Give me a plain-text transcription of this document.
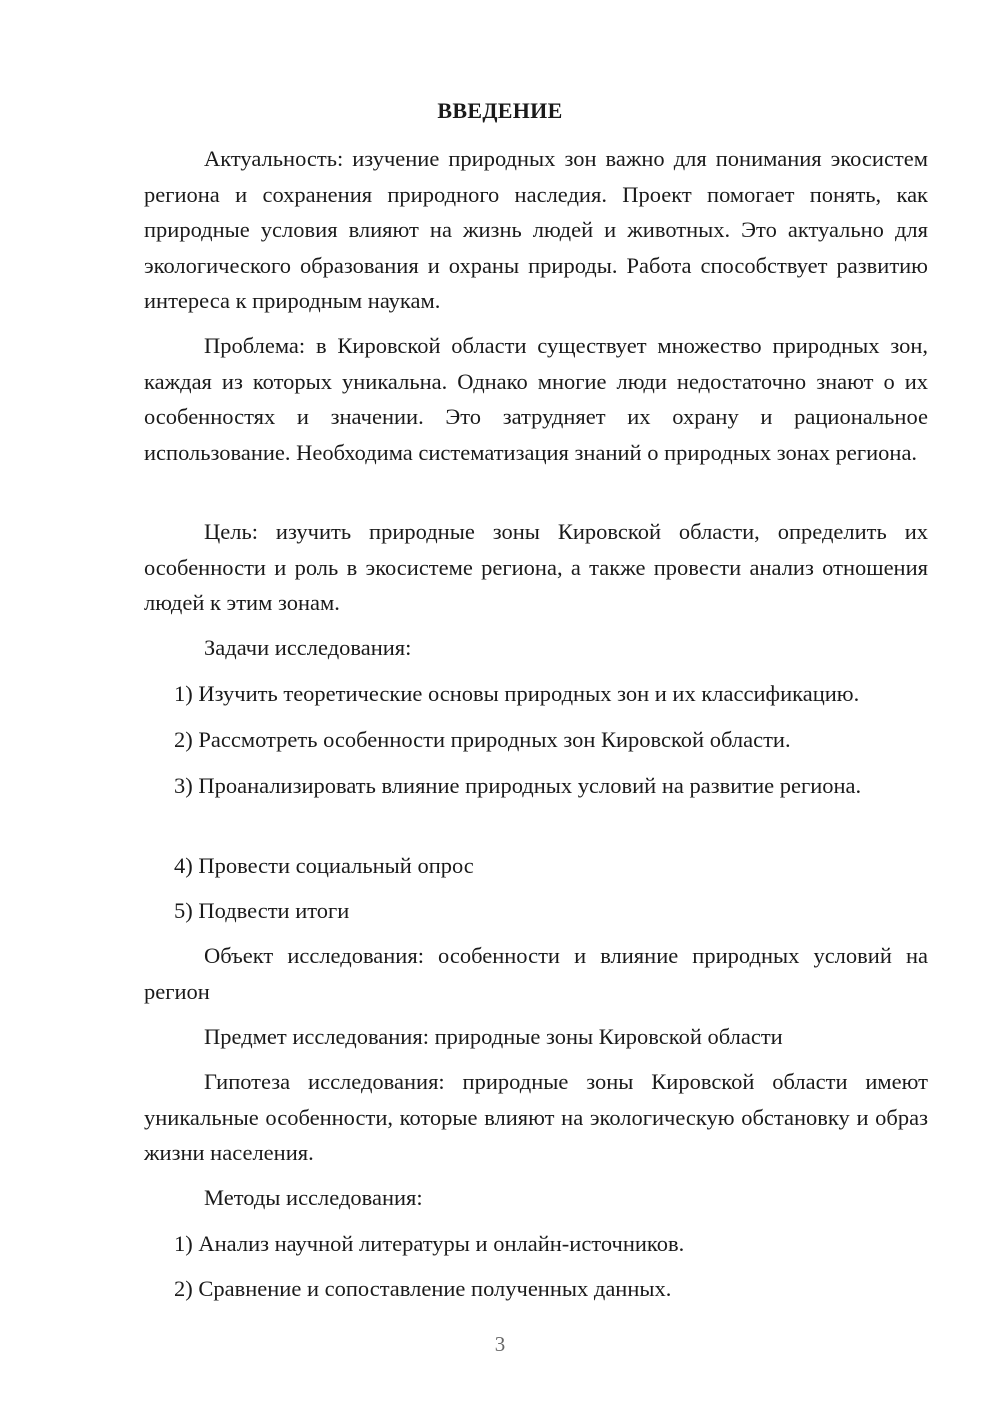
ВВЕДЕНИЕ

Актуальность: изучение природных зон важно для понимания экосистем региона и сохранения природного наследия. Проект помогает понять, как природные условия влияют на жизнь людей и животных. Это актуально для экологического образования и охраны природы. Работа способствует развитию интереса к природным наукам.

Проблема: в Кировской области существует множество природных зон, каждая из которых уникальна. Однако многие люди недостаточно знают о их особенностях и значении. Это затрудняет их охрану и рациональное использование. Необходима систематизация знаний о природных зонах региона.

Цель: изучить природные зоны Кировской области, определить их особенности и роль в экосистеме региона, а также провести анализ отношения людей к этим зонам.

Задачи исследования:

1) Изучить теоретические основы природных зон и их классификацию.

2) Рассмотреть особенности природных зон Кировской области.

3) Проанализировать влияние природных условий на развитие региона.

4) Провести социальный опрос

5) Подвести итоги

Объект исследования: особенности и влияние природных условий на регион

Предмет исследования: природные зоны Кировской области

Гипотеза исследования: природные зоны Кировской области имеют уникальные особенности, которые влияют на экологическую обстановку и образ жизни населения.

Методы исследования:

1) Анализ научной литературы и онлайн-источников.

2) Сравнение и сопоставление полученных данных.

3
